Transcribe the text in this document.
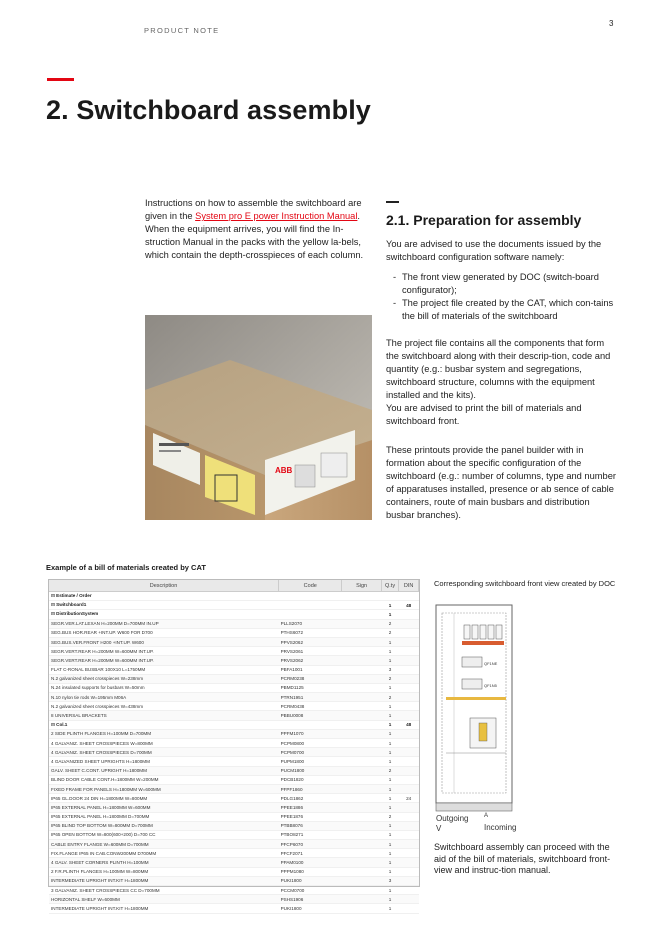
PRODUCT NOTE
3
2. Switchboard assembly

Instructions on how to assemble the switchboard are given in the System pro E power Instruction Manual.

When the equipment arrives, you will find the In-struction Manual in the packs with the yellow la-bels, which contain the depth-crosspieces of each column.

ABB
2.1. Preparation for assembly

You are advised to use the documents issued by the switchboard configuration software namely:

- The front view generated by DOC (switch-board configurator);
- The project file created by the CAT, which con-tains the bill of materials of the switchboard

The project file contains all the components that form the switchboard along with their descrip-tion, code and quantity (e.g.: busbar system and segregations, switchboard structure, columns with the equipment installed and the kits).

You are advised to print the bill of materials and switchboard front.

These printouts provide the panel builder with in formation about the specific configuration of the switchboard (e.g.: number of columns, type and number of apparatuses installed, presence or ab sence of cable containers, route of main busbars and distribution busbar branches).

Example of a bill of materials created by CAT
Description	Code	Sign	Q.ty	DIN
⊟ Estimate / Order				
⊟ Switchboard1			1	48
⊟ DistributionSystem			1	
SEGR.VER.LAT.LEXAN H=200MM D=700MM IN.UP	PLLS2070		2	
SEG.BUS HOR.REAR +INT.UP. W600 FOR D700	PTHS6072		2	
SEG.BUS.VER.FRONT H200 +INT.UP. W600	PPVS2062		1	
SEGR.VERT.REAR H=200MM W=600MM INT.UP.	PRVS2061		1	
SEGR.VERT.REAR H=200MM W=600MM INT.UP.	PRVS2062		1	
FLAT C-RONAL BUSBAR 100X10 L=1750MM	PBFA1001		3	
N.2 galvanized sheet crosspieces W=238mm	PCRM0238		2	
N.24 insulated supports for busbars W=50mm	PBMD1125		1	
N.10 nylon tie rods W=195mm M06A	PTRN1951		2	
N.2 galvanized sheet crosspieces W=438mm	PCRM0438		1	
8 UNIVERSAL BRACKETS	PBBU0008		1	
⊟ Col.1			1	48
2 SIDE PLINTH FLANGES H=100MM D=700MM	PPFM1070		1	
4 GALVANIZ. SHEET CROSSPIECES W=800MM	PCPM0800		1	
4 GALVANIZ. SHEET CROSSPIECES D=700MM	PCPM0700		1	
4 GALVANIZED SHEET UPRIGHTS H=1800MM	PUPM1800		1	
GALV. SHEET C.CONT. UPRIGHT H=1800MM	PUCM1800		2	
BLIND DOOR CABLE CONT.H=1800MM W=200MM	PDCB1820		1	
FIXED FRAME FOR PANELS H=1800MM W=600MM	PFPF1860		1	
IP65 GL.DOOR 24 DIN H=1800MM W=800MM	PDLG1862		1	24
IP65 EXTERNAL PANEL H=1800MM W=600MM	PPEE1886		1	
IP65 EXTERNAL PANEL H=1800MM D=700MM	PPEE1876		2	
IP65 BLIND TOP BOTTOM W=800MM D=700MM	PTBB8076		1	
IP65 OPEN BOTTOM W=800(600+200) D=700 CC	PTBO8271		1	
CABLE ENTRY FLANGE W=600MM D=700MM	PFCP6070		1	
FIX.FLANGE IP65 IN CAB.CONW200MM D700MM	PFCF2071		1	
4 GALV. SHEET CORNERS PLINTH H=100MM	PPAM0100		1	
2 F.R.PLINTH FLANGES H=100MM W=800MM	PPPM1080		1	
INTERMEDIATE UPRIGHT INT.KIT H=1800MM	PUKI1800		3	
3 GALVANIZ. SHEET CROSSPIECES CC D=700MM	PCCM0700		1	
HORIZONTAL SHELF W=600MM	PSHS1906		1	
INTERMEDIATE UPRIGHT INT.KIT H=1800MM	PUKI1800		1	
Corresponding switchboard front view created by DOC
QF1NE
QF1N5
Outgoing
V
A
Incoming
Switchboard assembly can proceed with the aid of the bill of materials, switchboard front-view and instruc-tion manual.
